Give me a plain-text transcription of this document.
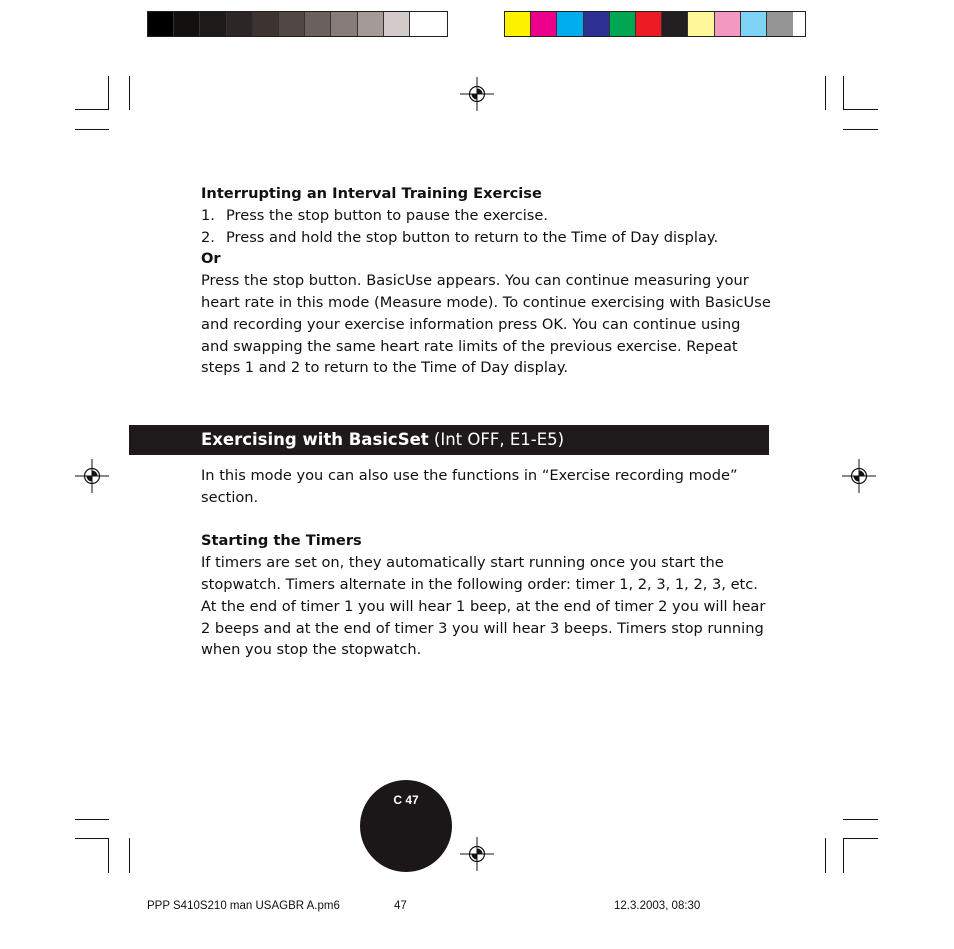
Interrupting an Interval Training Exercise

1. Press the stop button to pause the exercise.
2. Press and hold the stop button to return to the Time of Day display.

Or

Press the stop button. BasicUse appears. You can continue measuring your heart rate in this mode (Measure mode). To continue exercising with BasicUse and recording your exercise information press OK. You can continue using and swapping the same heart rate limits of the previous exercise. Repeat steps 1 and 2 to return to the Time of Day display.

Exercising with BasicSet (Int OFF, E1-E5)

In this mode you can also use the functions in “Exercise recording mode” section.

Starting the Timers

If timers are set on, they automatically start running once you start the stopwatch. Timers alternate in the following order: timer 1, 2, 3, 1, 2, 3, etc. At the end of timer 1 you will hear 1 beep, at the end of timer 2 you will hear 2 beeps and at the end of timer 3 you will hear 3 beeps. Timers stop running when you stop the stopwatch.

C 47
PPP S410S210 man USAGBR A.pm6	47	12.3.2003, 08:30
